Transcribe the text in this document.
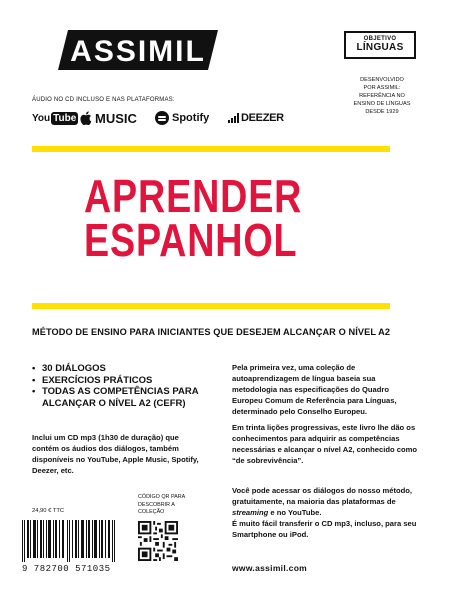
ASSIMIL	OBJETIVO
LÍNGUAS
DESENVOLVIDO
POR ASSIMIL:
REFERÊNCIA NO
ENSINO DE LÍNGUAS
DESDE 1929
ÁUDIO NO CD INCLUSO E NAS PLATAFORMAS:
You Tube MUSIC	Spotify	DEEZER
APRENDER
ESPANHOL
MÉTODO DE ENSINO PARA INICIANTES QUE DESEJEM ALCANÇAR O NÍVEL A2
• 30 DIÁLOGOS
• EXERCÍCIOS PRÁTICOS
• TODAS AS COMPETÊNCIAS PARA ALCANÇAR O NÍVEL A2 (CEFR)
Inclui um CD mp3 (1h30 de duração) que contém os áudios dos diálogos, também disponíveis no YouTube, Apple Music, Spotify, Deezer, etc.
24,90 € TTC
CÓDIGO QR PARA DESCOBRIR A COLEÇÃO
9 782700 571035
Pela primeira vez, uma coleção de autoaprendizagem de língua baseia sua metodologia nas especificações do Quadro Europeu Comum de Referência para Línguas, determinado pelo Conselho Europeu.
Em trinta lições progressivas, este livro lhe dão os conhecimentos para adquirir as competências necessárias e alcançar o nível A2, conhecido como “de sobrevivência”.
Você pode acessar os diálogos do nosso método, gratuitamente, na maioria das plataformas de streaming e no YouTube.
É muito fácil transferir o CD mp3, incluso, para seu Smartphone ou iPod.
www.assimil.com
